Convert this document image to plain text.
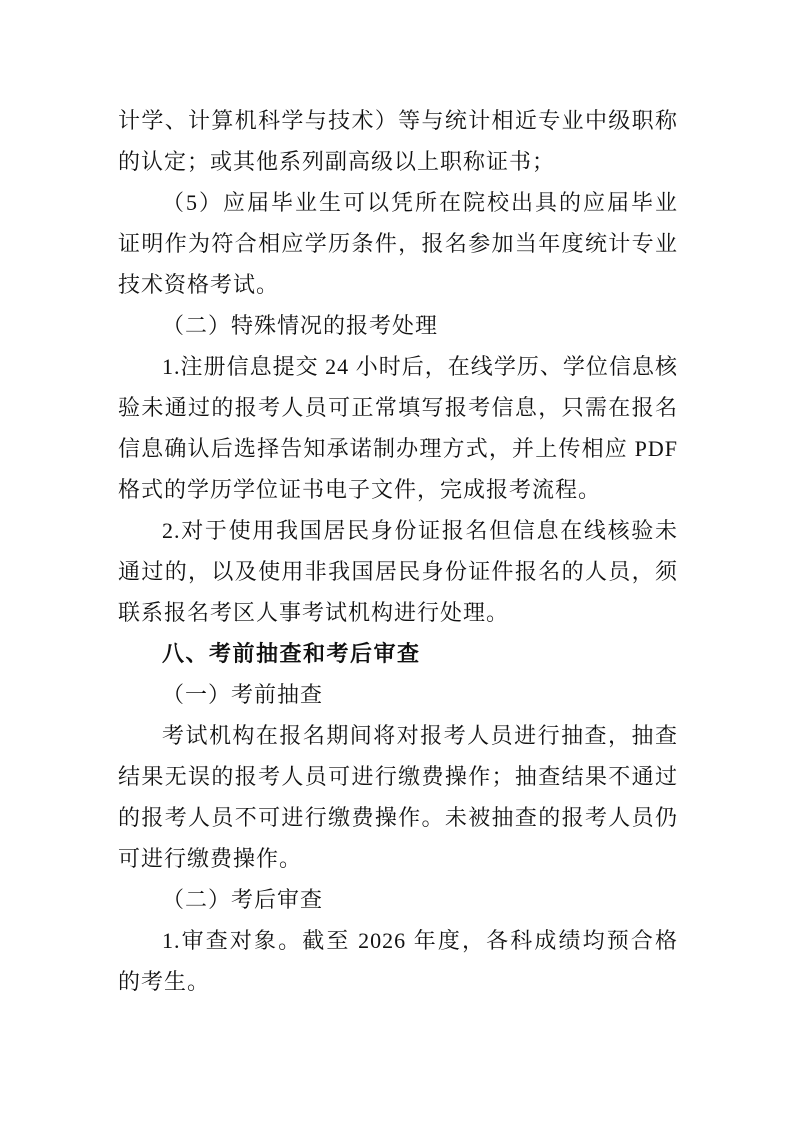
计学、计算机科学与技术）等与统计相近专业中级职称的认定；或其他系列副高级以上职称证书；

（5）应届毕业生可以凭所在院校出具的应届毕业证明作为符合相应学历条件，报名参加当年度统计专业技术资格考试。

（二）特殊情况的报考处理

1.注册信息提交 24 小时后，在线学历、学位信息核验未通过的报考人员可正常填写报考信息，只需在报名信息确认后选择告知承诺制办理方式，并上传相应 PDF 格式的学历学位证书电子文件，完成报考流程。

2.对于使用我国居民身份证报名但信息在线核验未通过的，以及使用非我国居民身份证件报名的人员，须联系报名考区人事考试机构进行处理。

八、考前抽查和考后审查

（一）考前抽查

考试机构在报名期间将对报考人员进行抽查，抽查结果无误的报考人员可进行缴费操作；抽查结果不通过的报考人员不可进行缴费操作。未被抽查的报考人员仍可进行缴费操作。

（二）考后审查

1.审查对象。截至 2026 年度，各科成绩均预合格的考生。
